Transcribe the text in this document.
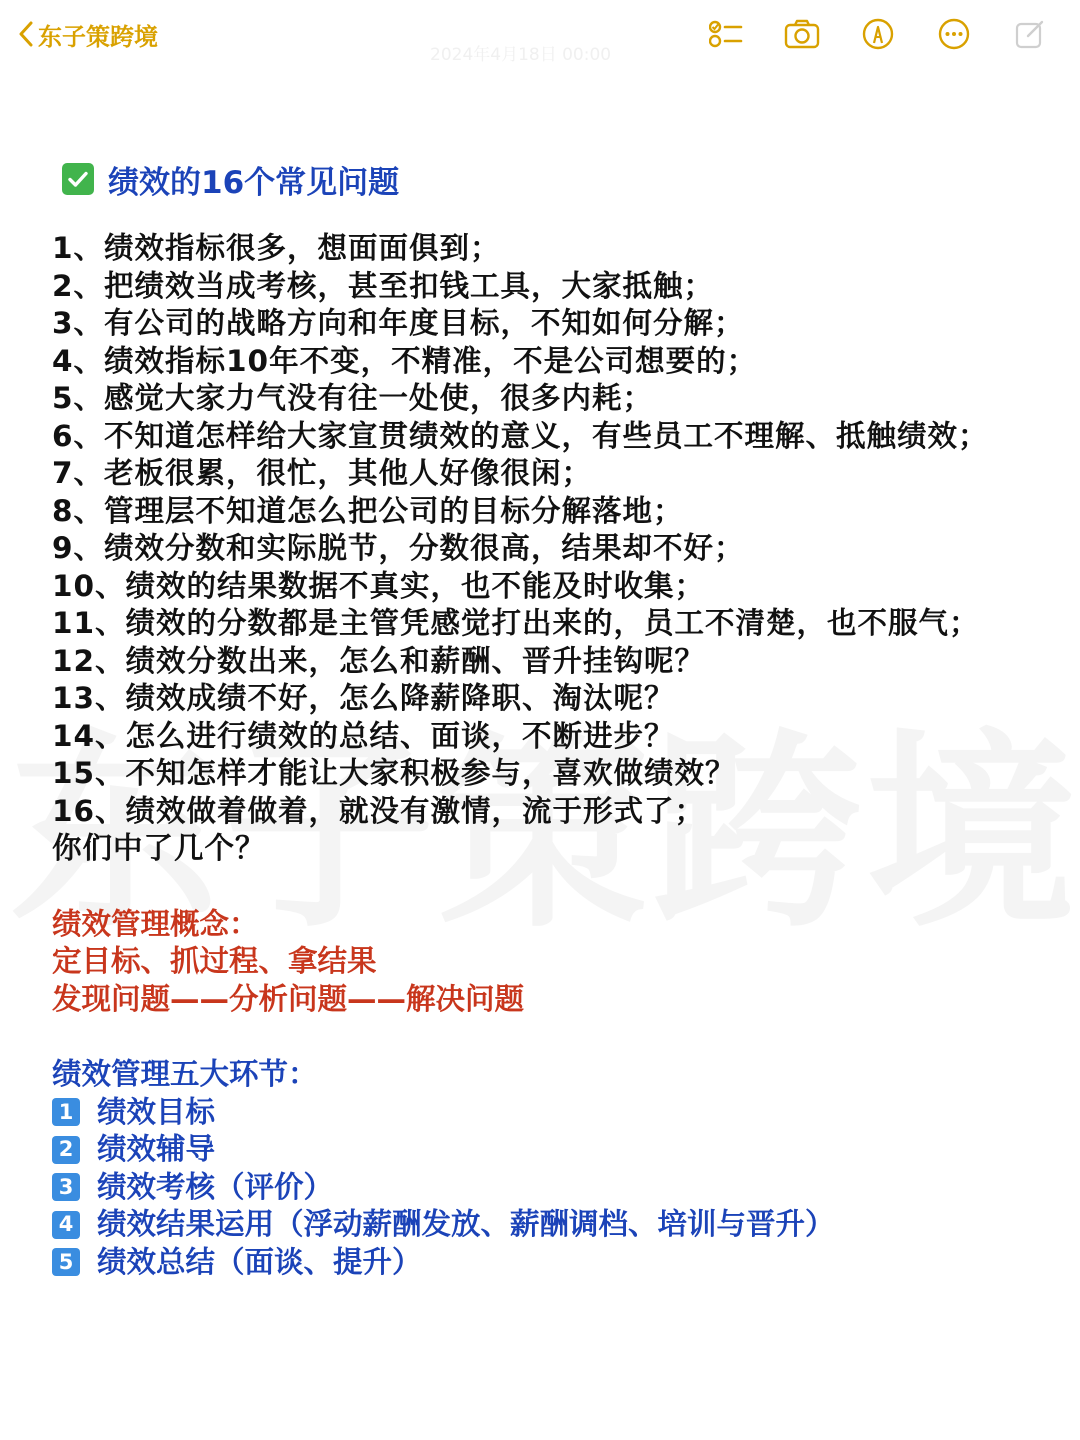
东子策跨境
2024年4月18日 00:00
绩效的16个常见问题
1、绩效指标很多，想面面俱到；
2、把绩效当成考核，甚至扣钱工具，大家抵触；
3、有公司的战略方向和年度目标，不知如何分解；
4、绩效指标10年不变，不精准，不是公司想要的；
5、感觉大家力气没有往一处使，很多内耗；
6、不知道怎样给大家宣贯绩效的意义，有些员工不理解、抵触绩效；
7、老板很累，很忙，其他人好像很闲；
8、管理层不知道怎么把公司的目标分解落地；
9、绩效分数和实际脱节，分数很高，结果却不好；
10、绩效的结果数据不真实，也不能及时收集；
11、绩效的分数都是主管凭感觉打出来的，员工不清楚，也不服气；
12、绩效分数出来，怎么和薪酬、晋升挂钩呢？
13、绩效成绩不好，怎么降薪降职、淘汰呢？
14、怎么进行绩效的总结、面谈，不断进步？
15、不知怎样才能让大家积极参与，喜欢做绩效？
16、绩效做着做着，就没有激情，流于形式了；
你们中了几个？
绩效管理概念：
定目标、抓过程、拿结果
发现问题——分析问题——解决问题
绩效管理五大环节：
1 绩效目标
2 绩效辅导
3 绩效考核（评价）
4 绩效结果运用（浮动薪酬发放、薪酬调档、培训与晋升）
5 绩效总结（面谈、提升）
